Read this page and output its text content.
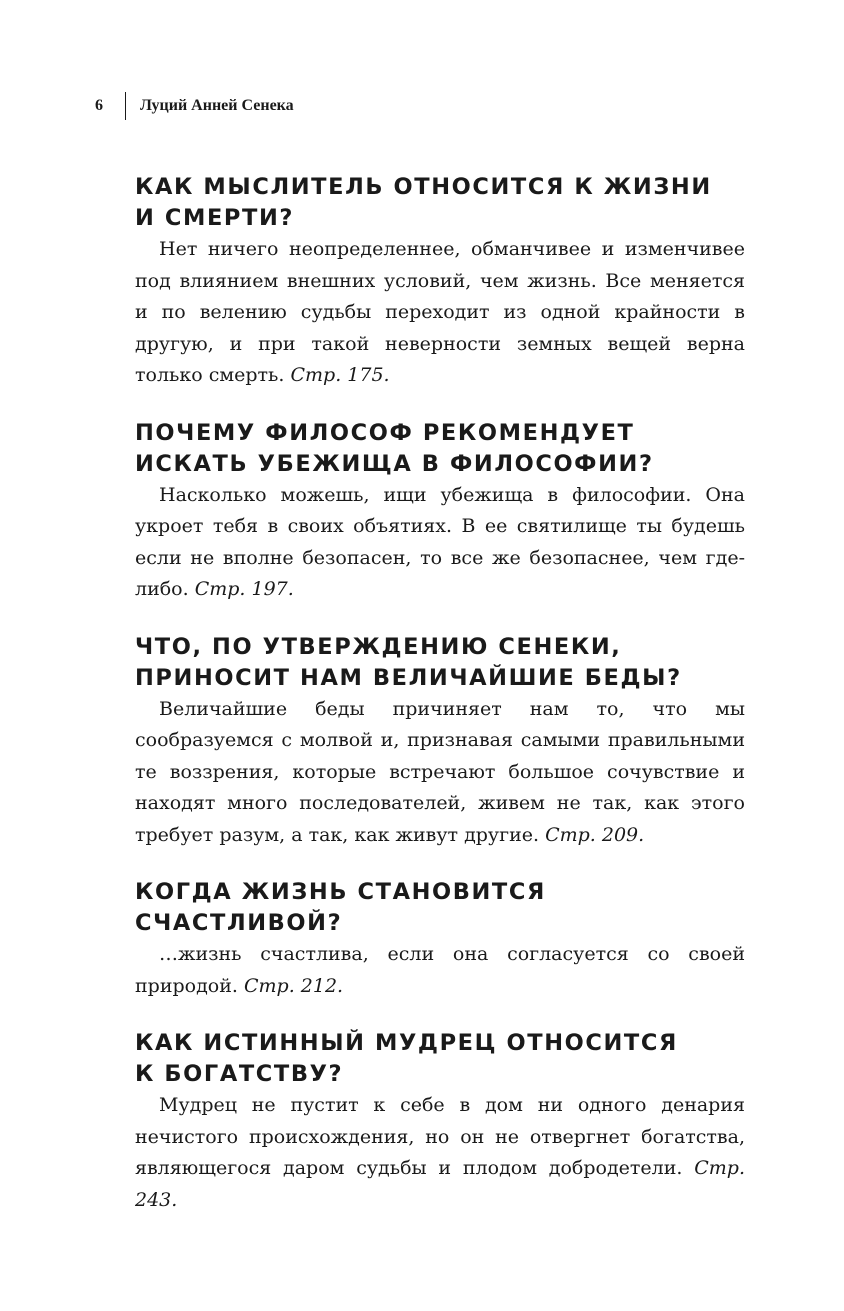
6	Луций Анней Сенека
КАК МЫСЛИТЕЛЬ ОТНОСИТСЯ К ЖИЗНИ
И СМЕРТИ?

Нет ничего неопределеннее, обманчивее и изменчивее под влиянием внешних условий, чем жизнь. Все меняется и по велению судьбы переходит из одной крайности в другую, и при такой неверности земных вещей верна только смерть. Стр. 175.

ПОЧЕМУ ФИЛОСОФ РЕКОМЕНДУЕТ
ИСКАТЬ УБЕЖИЩА В ФИЛОСОФИИ?

Насколько можешь, ищи убежища в философии. Она укроет тебя в своих объятиях. В ее святилище ты будешь если не вполне безопасен, то все же безопаснее, чем где-либо. Стр. 197.

ЧТО, ПО УТВЕРЖДЕНИЮ СЕНЕКИ,
ПРИНОСИТ НАМ ВЕЛИЧАЙШИЕ БЕДЫ?

Величайшие беды причиняет нам то, что мы сообразуемся с молвой и, признавая самыми правильными те воззрения, которые встречают большое сочувствие и находят много последователей, живем не так, как этого требует разум, а так, как живут другие. Стр. 209.

КОГДА ЖИЗНЬ СТАНОВИТСЯ
СЧАСТЛИВОЙ?

…жизнь счастлива, если она согласуется со своей природой. Стр. 212.

КАК ИСТИННЫЙ МУДРЕЦ ОТНОСИТСЯ
К БОГАТСТВУ?

Мудрец не пустит к себе в дом ни одного денария нечистого происхождения, но он не отвергнет богатства, являющегося даром судьбы и плодом добродетели. Стр. 243.
